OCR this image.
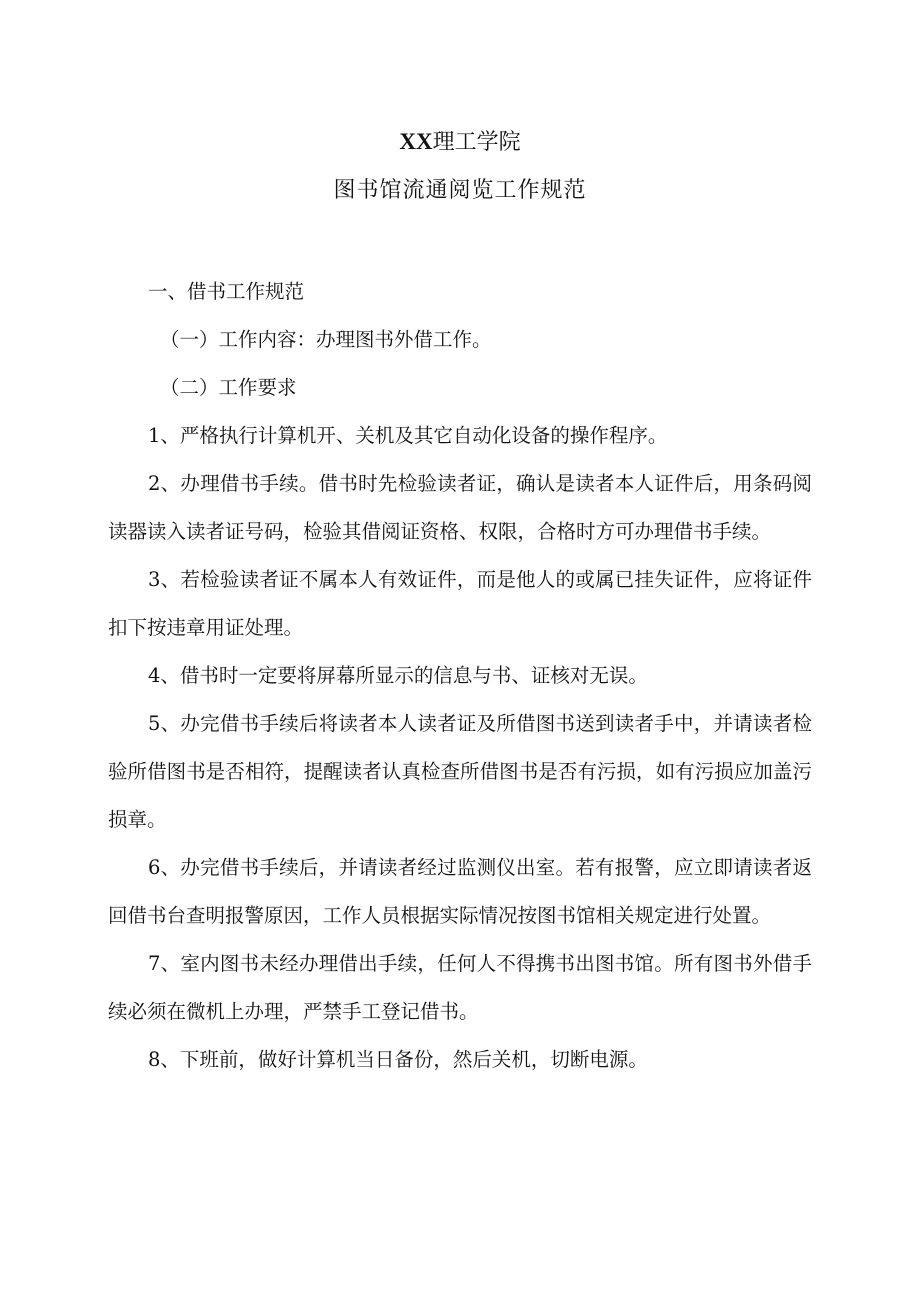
XX理工学院
图书馆流通阅览工作规范

一、借书工作规范

（一）工作内容：办理图书外借工作。

（二）工作要求

1、严格执行计算机开、关机及其它自动化设备的操作程序。

2、办理借书手续。借书时先检验读者证，确认是读者本人证件后，用条码阅读器读入读者证号码，检验其借阅证资格、权限，合格时方可办理借书手续。

3、若检验读者证不属本人有效证件，而是他人的或属已挂失证件，应将证件扣下按违章用证处理。

4、借书时一定要将屏幕所显示的信息与书、证核对无误。

5、办完借书手续后将读者本人读者证及所借图书送到读者手中，并请读者检验所借图书是否相符，提醒读者认真检查所借图书是否有污损，如有污损应加盖污损章。

6、办完借书手续后，并请读者经过监测仪出室。若有报警，应立即请读者返回借书台查明报警原因，工作人员根据实际情况按图书馆相关规定进行处置。

7、室内图书未经办理借出手续，任何人不得携书出图书馆。所有图书外借手续必须在微机上办理，严禁手工登记借书。

8、下班前，做好计算机当日备份，然后关机，切断电源。
